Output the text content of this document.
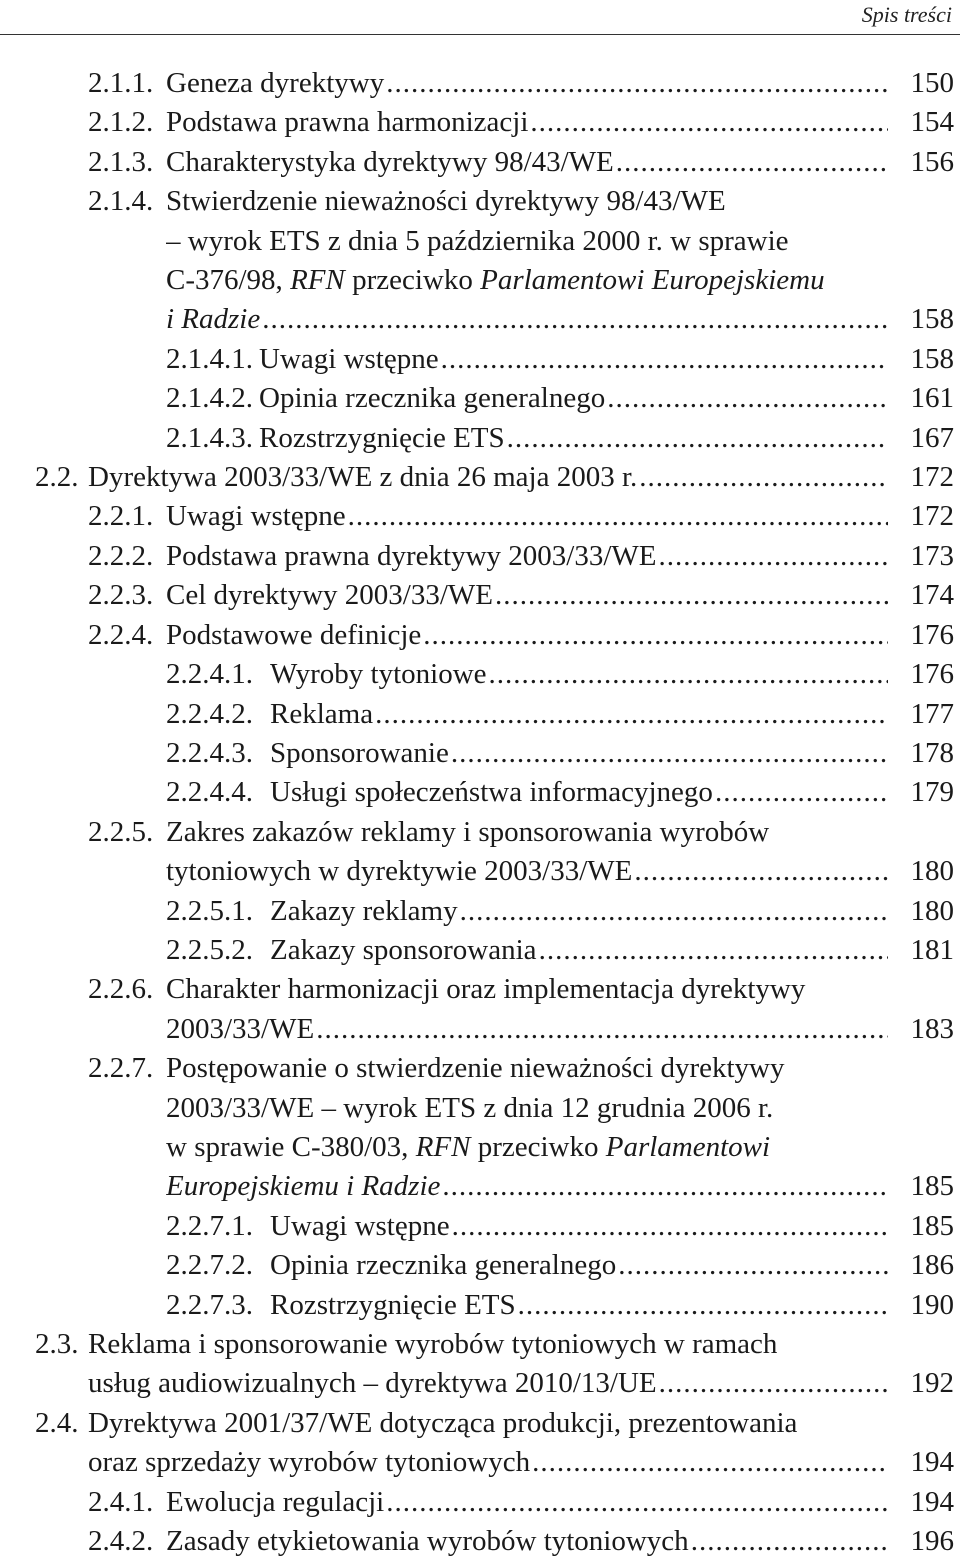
Spis treści
2.1.1. Geneza dyrektywy .....	150
2.1.2. Podstawa prawna harmonizacji .....	154
2.1.3. Charakterystyka dyrektywy 98/43/WE .....	156
2.1.4. Stwierdzenie nieważności dyrektywy 98/43/WE
– wyrok ETS z dnia 5 października 2000 r. w sprawie
C-376/98, RFN przeciwko Parlamentowi Europejskiemu
i Radzie .....	158
2.1.4.1. Uwagi wstępne .....	158
2.1.4.2. Opinia rzecznika generalnego .....	161
2.1.4.3. Rozstrzygnięcie ETS .....	167
2.2. Dyrektywa 2003/33/WE z dnia 26 maja 2003 r. .....	172
2.2.1. Uwagi wstępne .....	172
2.2.2. Podstawa prawna dyrektywy 2003/33/WE .....	173
2.2.3. Cel dyrektywy 2003/33/WE .....	174
2.2.4. Podstawowe definicje .....	176
2.2.4.1. Wyroby tytoniowe .....	176
2.2.4.2. Reklama .....	177
2.2.4.3. Sponsorowanie .....	178
2.2.4.4. Usługi społeczeństwa informacyjnego .....	179
2.2.5. Zakres zakazów reklamy i sponsorowania wyrobów
tytoniowych w dyrektywie 2003/33/WE .....	180
2.2.5.1. Zakazy reklamy .....	180
2.2.5.2. Zakazy sponsorowania .....	181
2.2.6. Charakter harmonizacji oraz implementacja dyrektywy
2003/33/WE .....	183
2.2.7. Postępowanie o stwierdzenie nieważności dyrektywy
2003/33/WE – wyrok ETS z dnia 12 grudnia 2006 r.
w sprawie C-380/03, RFN przeciwko Parlamentowi
Europejskiemu i Radzie .....	185
2.2.7.1. Uwagi wstępne .....	185
2.2.7.2. Opinia rzecznika generalnego .....	186
2.2.7.3. Rozstrzygnięcie ETS .....	190
2.3. Reklama i sponsorowanie wyrobów tytoniowych w ramach
usług audiowizualnych – dyrektywa 2010/13/UE .....	192
2.4. Dyrektywa 2001/37/WE dotycząca produkcji, prezentowania
oraz sprzedaży wyrobów tytoniowych .....	194
2.4.1. Ewolucja regulacji .....	194
2.4.2. Zasady etykietowania wyrobów tytoniowych .....	196
